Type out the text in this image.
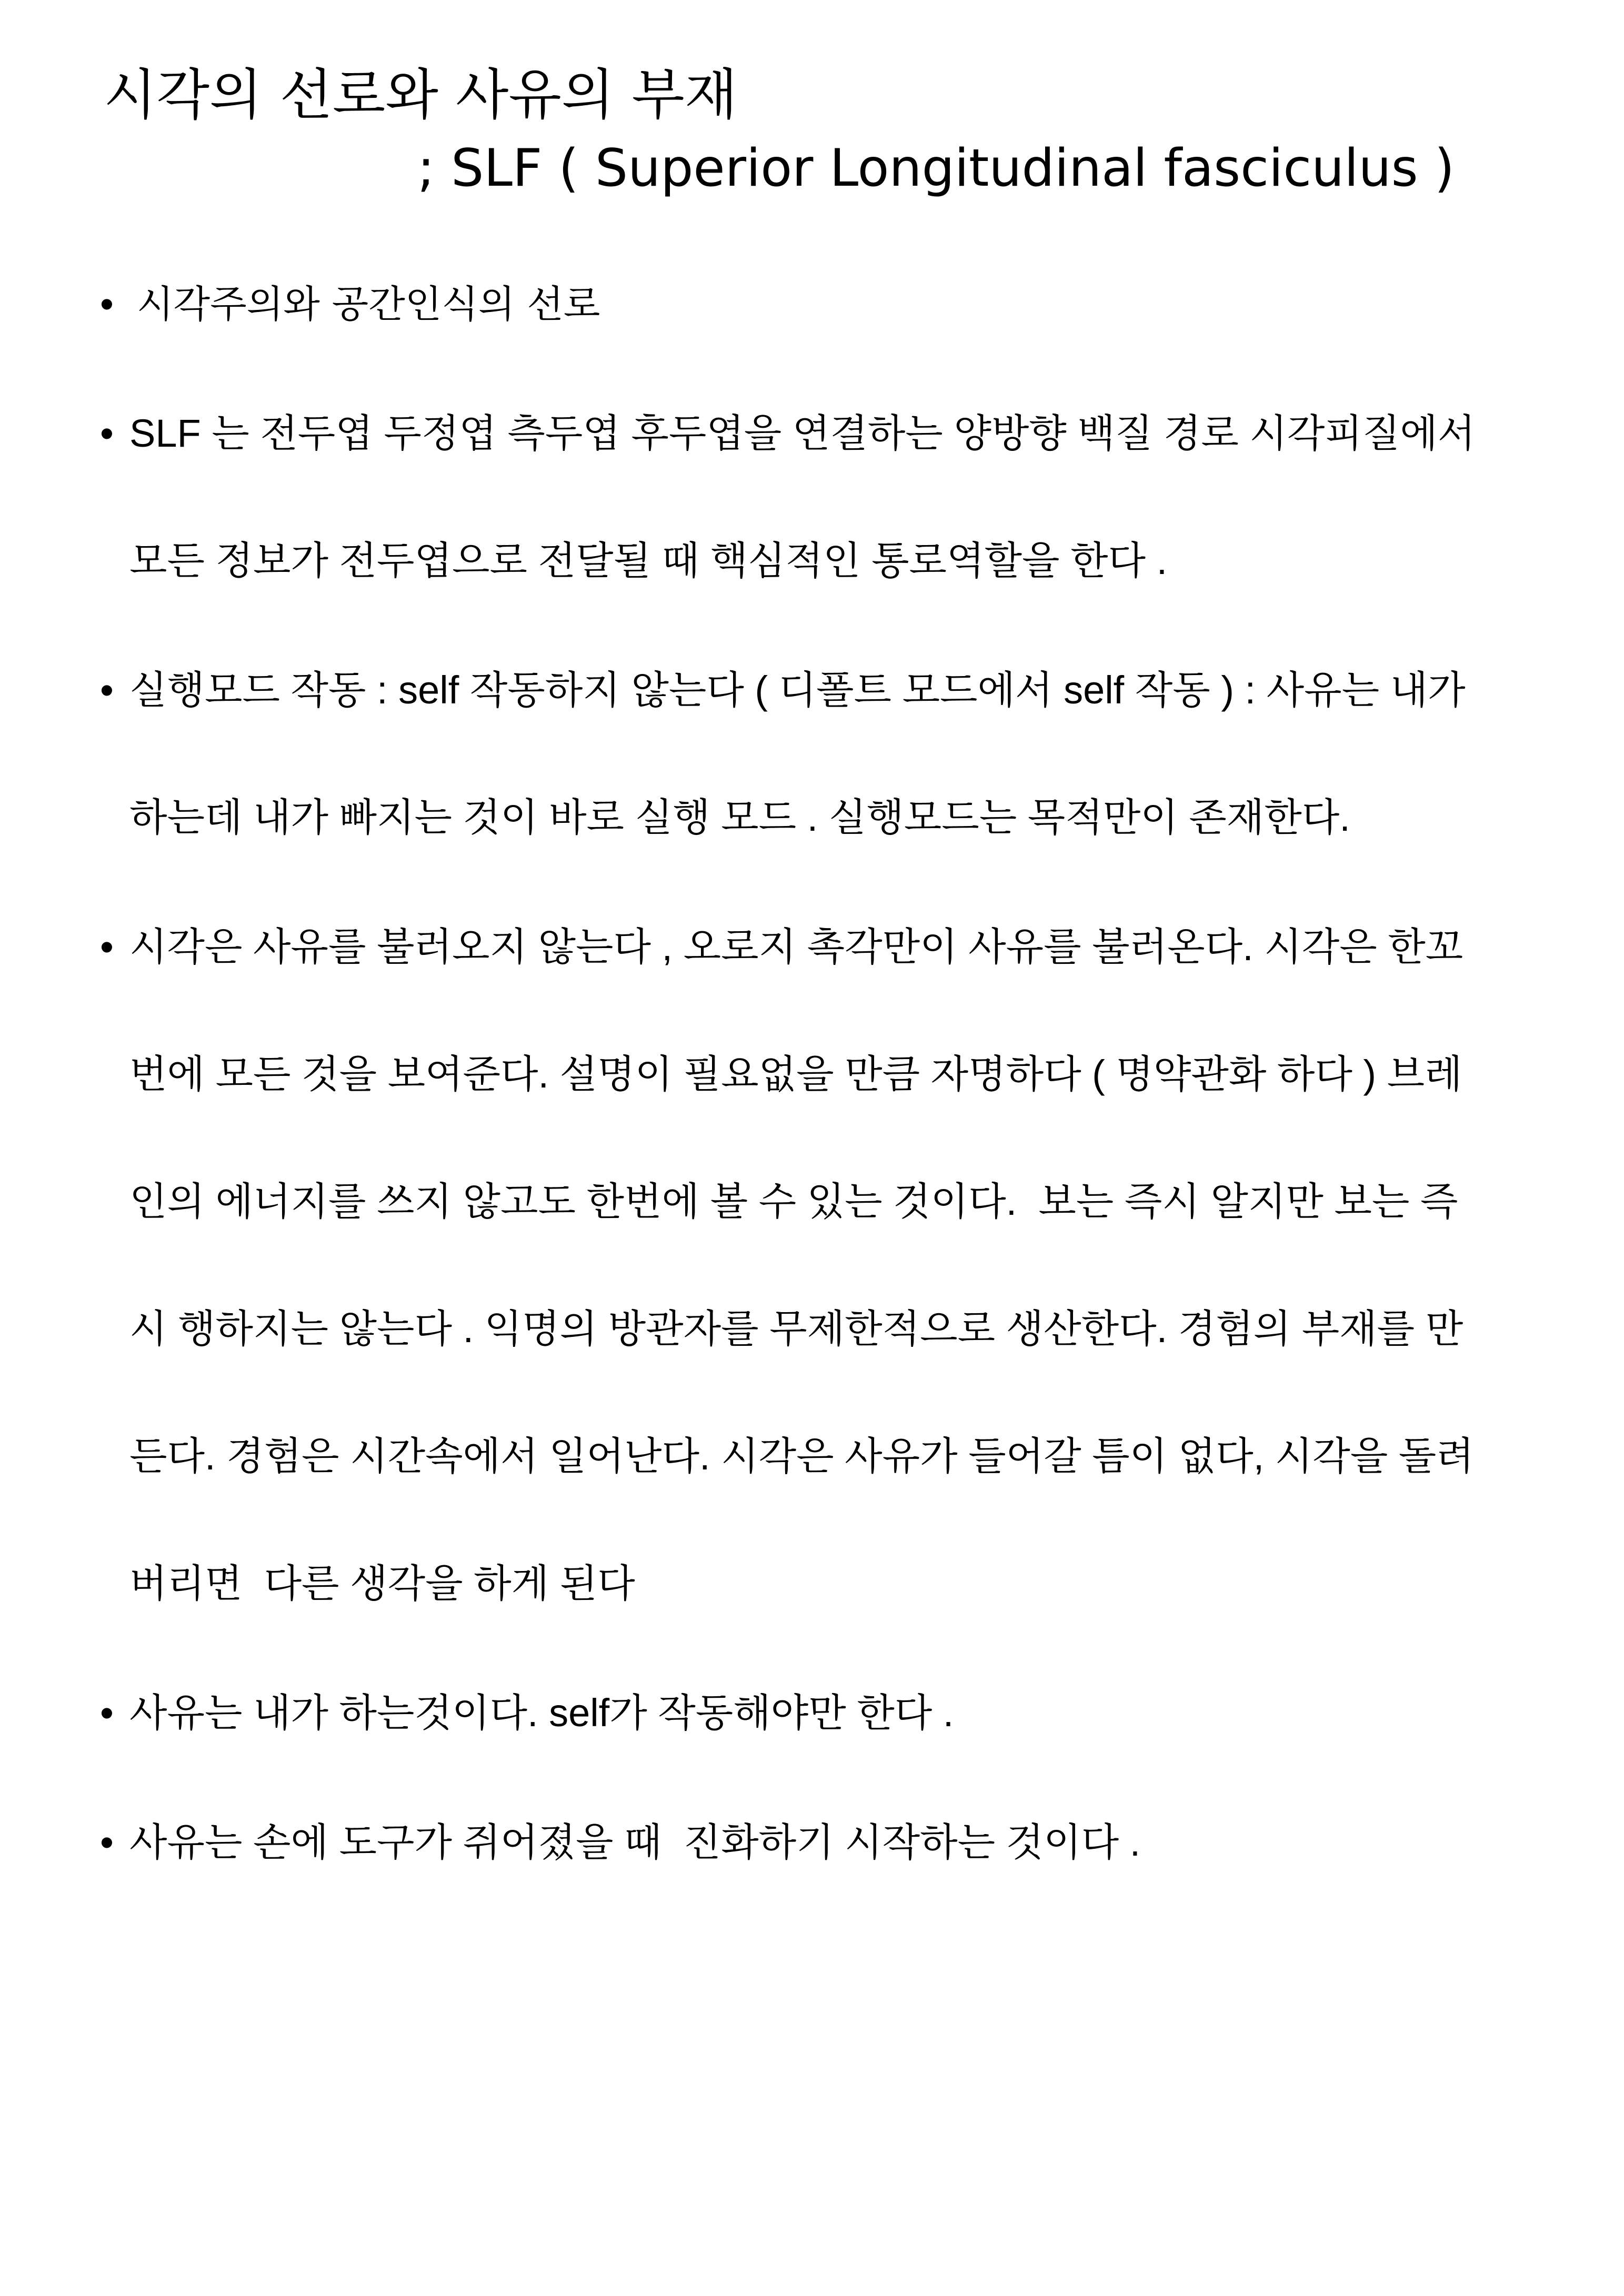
시각의 선로와 사유의 부재
; SLF ( Superior Longitudinal fasciculus )
• 시각주의와 공간인식의 선로
• SLF 는 전두엽 두정엽 측두엽 후두엽을 연결하는 양방향 백질 경로 시각피질에서
모든 정보가 전두엽으로 전달될 때 핵심적인 통로역할을 한다 .
• 실행모드 작동 : self 작동하지 않는다 ( 디폴트 모드에서 self 작동 ) : 사유는 내가
하는데 내가 빠지는 것이 바로 실행 모드 . 실행모드는 목적만이 존재한다.
• 시각은 사유를 불러오지 않는다 , 오로지 촉각만이 사유를 불러온다. 시각은 한꼬
번에 모든 것을 보여준다. 설명이 필요없을 만큼 자명하다 ( 명약관화 하다 ) 브레
인의 에너지를 쓰지 않고도 한번에 볼 수 있는 것이다.  보는 즉시 알지만 보는 즉
시 행하지는 않는다 . 익명의 방관자를 무제한적으로 생산한다. 경험의 부재를 만
든다. 경험은 시간속에서 일어난다. 시각은 사유가 들어갈 틈이 없다, 시각을 돌려
버리면  다른 생각을 하게 된다
• 사유는 내가 하는것이다. self가 작동해야만 한다 .
• 사유는 손에 도구가 쥐어졌을 때  진화하기 시작하는 것이다 .
